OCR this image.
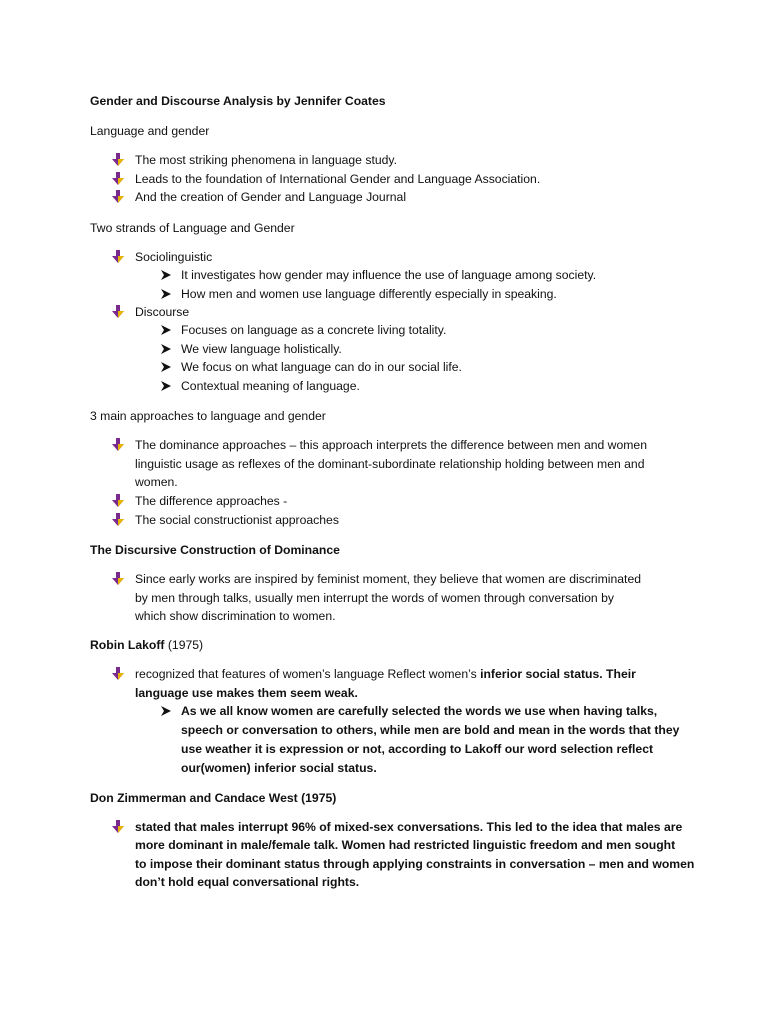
Gender and Discourse Analysis by Jennifer Coates
Language and gender
The most striking phenomena in language study.
Leads to the foundation of International Gender and Language Association.
And the creation of Gender and Language Journal
Two strands of Language and Gender
Sociolinguistic
It investigates how gender may influence the use of language among society.
How men and women use language differently especially in speaking.
Discourse
Focuses on language as a concrete living totality.
We view language holistically.
We focus on what language can do in our social life.
Contextual meaning of language.
3 main approaches to language and gender
The dominance approaches – this approach interprets the difference between men and women
linguistic usage as reflexes of the dominant-subordinate relationship holding between men and
women.
The difference approaches -
The social constructionist approaches
The Discursive Construction of Dominance
Since early works are inspired by feminist moment, they believe that women are discriminated
by men through talks, usually men interrupt the words of women through conversation by
which show discrimination to women.
Robin Lakoff (1975)
recognized that features of women’s language Reflect women’s inferior social status. Their
language use makes them seem weak.
As we all know women are carefully selected the words we use when having talks,
speech or conversation to others, while men are bold and mean in the words that they
use weather it is expression or not, according to Lakoff our word selection reflect
our(women) inferior social status.
Don Zimmerman and Candace West (1975)
stated that males interrupt 96% of mixed-sex conversations. This led to the idea that males are
more dominant in male/female talk. Women had restricted linguistic freedom and men sought
to impose their dominant status through applying constraints in conversation – men and women
don’t hold equal conversational rights.
